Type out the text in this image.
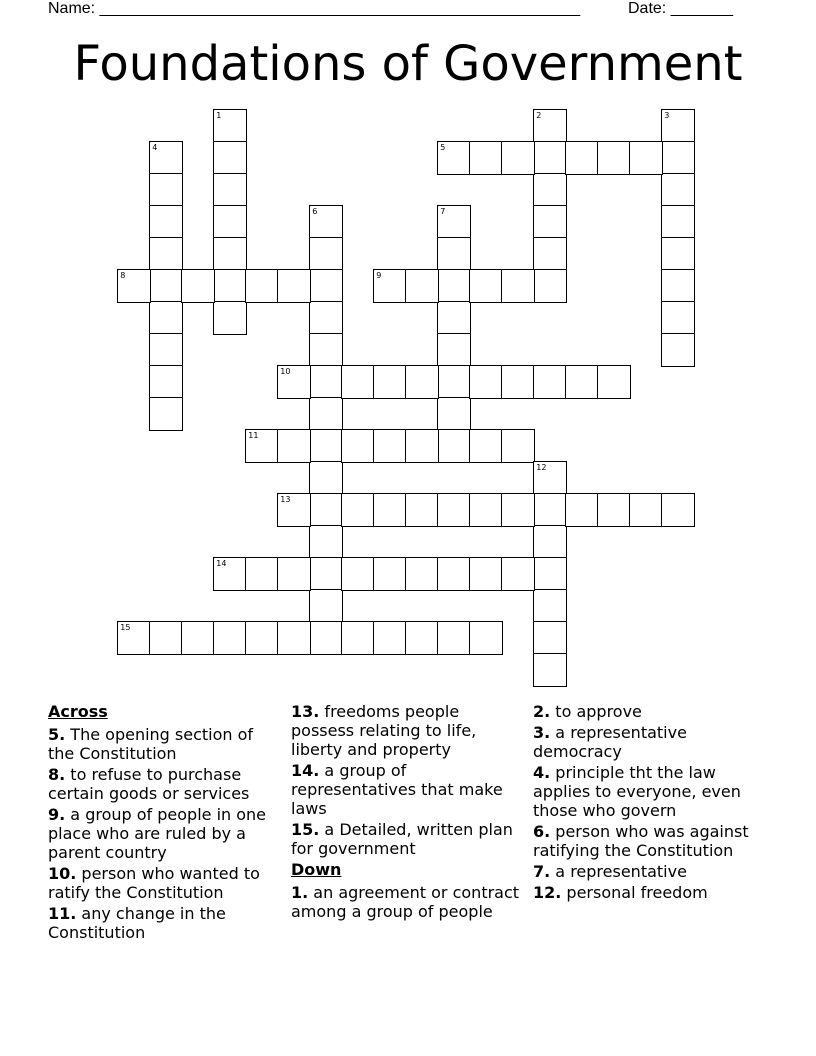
Name: ______________________________________________________	Date: _______
Foundations of Government
1	2	3
4	5
6	7
8	9
10
11
12
13
14
15
Across
5. The opening section of the Constitution
8. to refuse to purchase certain goods or services
9. a group of people in one place who are ruled by a parent country
10. person who wanted to ratify the Constitution
11. any change in the Constitution
13. freedoms people possess relating to life, liberty and property
14. a group of representatives that make laws
15. a Detailed, written plan for government
Down
1. an agreement or contract among a group of people
2. to approve
3. a representative democracy
4. principle tht the law applies to everyone, even those who govern
6. person who was against ratifying the Constitution
7. a representative
12. personal freedom
